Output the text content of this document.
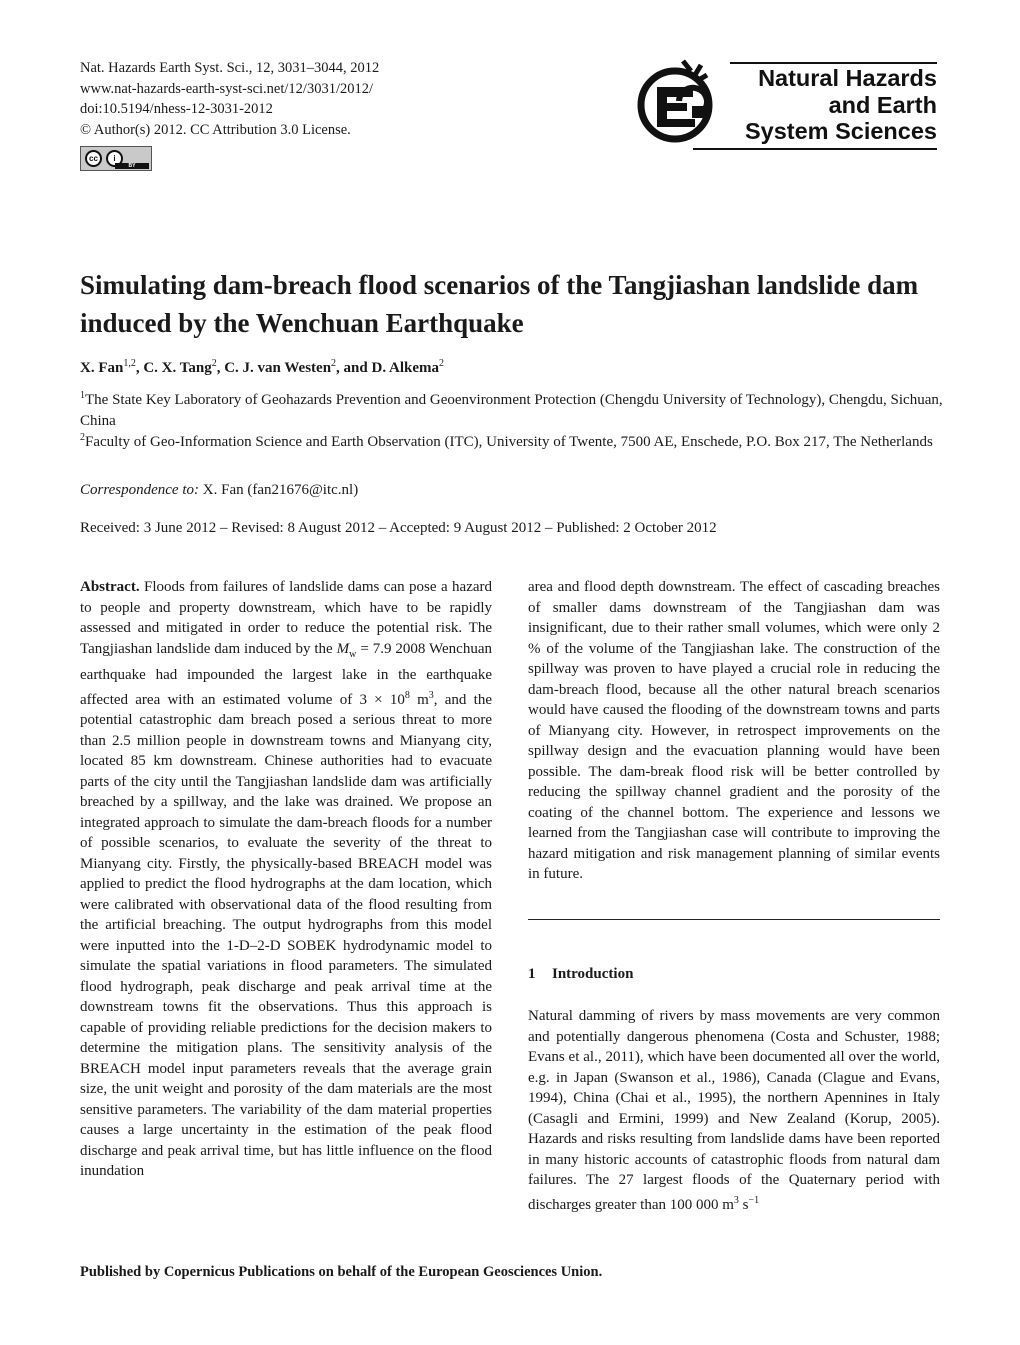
Nat. Hazards Earth Syst. Sci., 12, 3031–3044, 2012
www.nat-hazards-earth-syst-sci.net/12/3031/2012/
doi:10.5194/nhess-12-3031-2012
© Author(s) 2012. CC Attribution 3.0 License.
cc	i
BY
Natural Hazards
and Earth
System Sciences
Simulating dam-breach flood scenarios of the Tangjiashan landslide dam induced by the Wenchuan Earthquake
X. Fan$^{1,2}$, C. X. Tang$^2$, C. J. van Westen$^2$, and D. Alkema$^2$
$^1$The State Key Laboratory of Geohazards Prevention and Geoenvironment Protection (Chengdu University of Technology), Chengdu, Sichuan, China
$^2$Faculty of Geo-Information Science and Earth Observation (ITC), University of Twente, 7500 AE, Enschede, P.O. Box 217, The Netherlands
Correspondence to: X. Fan (fan21676@itc.nl)
Received: 3 June 2012 – Revised: 8 August 2012 – Accepted: 9 August 2012 – Published: 2 October 2012

Abstract. Floods from failures of landslide dams can pose a hazard to people and property downstream, which have to be rapidly assessed and mitigated in order to reduce the potential risk. The Tangjiashan landslide dam induced by the $M_w = 7.9$ 2008 Wenchuan earthquake had impounded the largest lake in the earthquake affected area with an estimated volume of $3 \times 10^8$ $m^3$, and the potential catastrophic dam breach posed a serious threat to more than 2.5 million people in downstream towns and Mianyang city, located 85 km downstream. Chinese authorities had to evacuate parts of the city until the Tangjiashan landslide dam was artificially breached by a spillway, and the lake was drained. We propose an integrated approach to simulate the dam-breach floods for a number of possible scenarios, to evaluate the severity of the threat to Mianyang city. Firstly, the physically-based BREACH model was applied to predict the flood hydrographs at the dam location, which were calibrated with observational data of the flood resulting from the artificial breaching. The output hydrographs from this model were inputted into the 1-D–2-D SOBEK hydrodynamic model to simulate the spatial variations in flood parameters. The simulated flood hydrograph, peak discharge and peak arrival time at the downstream towns fit the observations. Thus this approach is capable of providing reliable predictions for the decision makers to determine the mitigation plans. The sensitivity analysis of the BREACH model input parameters reveals that the average grain size, the unit weight and porosity of the dam materials are the most sensitive parameters. The variability of the dam material properties causes a large uncertainty in the estimation of the peak flood discharge and peak arrival time, but has little influence on the flood inundation

area and flood depth downstream. The effect of cascading breaches of smaller dams downstream of the Tangjiashan dam was insignificant, due to their rather small volumes, which were only 2 % of the volume of the Tangjiashan lake. The construction of the spillway was proven to have played a crucial role in reducing the dam-breach flood, because all the other natural breach scenarios would have caused the flooding of the downstream towns and parts of Mianyang city. However, in retrospect improvements on the spillway design and the evacuation planning would have been possible. The dam-break flood risk will be better controlled by reducing the spillway channel gradient and the porosity of the coating of the channel bottom. The experience and lessons we learned from the Tangjiashan case will contribute to improving the hazard mitigation and risk management planning of similar events in future.

1 Introduction

Natural damming of rivers by mass movements are very common and potentially dangerous phenomena (Costa and Schuster, 1988; Evans et al., 2011), which have been documented all over the world, e.g. in Japan (Swanson et al., 1986), Canada (Clague and Evans, 1994), China (Chai et al., 1995), the northern Apennines in Italy (Casagli and Ermini, 1999) and New Zealand (Korup, 2005). Hazards and risks resulting from landslide dams have been reported in many historic accounts of catastrophic floods from natural dam failures. The 27 largest floods of the Quaternary period with discharges greater than 100 000 $m^3$ $s^{-1}$

Published by Copernicus Publications on behalf of the European Geosciences Union.
